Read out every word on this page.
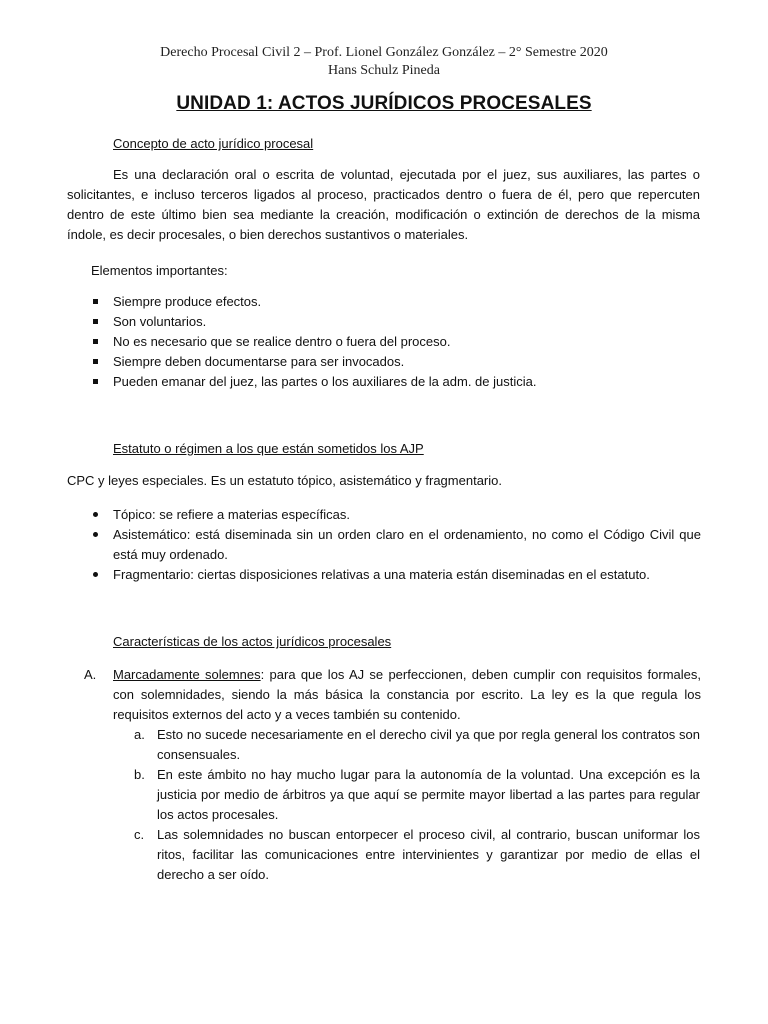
Derecho Procesal Civil 2 – Prof. Lionel González González – 2° Semestre 2020
Hans Schulz Pineda
UNIDAD 1: ACTOS JURÍDICOS PROCESALES
Concepto de acto jurídico procesal

Es una declaración oral o escrita de voluntad, ejecutada por el juez, sus auxiliares, las partes o solicitantes, e incluso terceros ligados al proceso, practicados dentro o fuera de él, pero que repercuten dentro de este último bien sea mediante la creación, modificación o extinción de derechos de la misma índole, es decir procesales, o bien derechos sustantivos o materiales.

Elementos importantes:
Siempre produce efectos.
Son voluntarios.
No es necesario que se realice dentro o fuera del proceso.
Siempre deben documentarse para ser invocados.
Pueden emanar del juez, las partes o los auxiliares de la adm. de justicia.
Estatuto o régimen a los que están sometidos los AJP
CPC y leyes especiales. Es un estatuto tópico, asistemático y fragmentario.
Tópico: se refiere a materias específicas.
Asistemático: está diseminada sin un orden claro en el ordenamiento, no como el Código Civil que está muy ordenado.
Fragmentario: ciertas disposiciones relativas a una materia están diseminadas en el estatuto.
Características de los actos jurídicos procesales
A. Marcadamente solemnes: para que los AJ se perfeccionen, deben cumplir con requisitos formales, con solemnidades, siendo la más básica la constancia por escrito. La ley es la que regula los requisitos externos del acto y a veces también su contenido.
a. Esto no sucede necesariamente en el derecho civil ya que por regla general los contratos son consensuales.
b. En este ámbito no hay mucho lugar para la autonomía de la voluntad. Una excepción es la justicia por medio de árbitros ya que aquí se permite mayor libertad a las partes para regular los actos procesales.
c. Las solemnidades no buscan entorpecer el proceso civil, al contrario, buscan uniformar los ritos, facilitar las comunicaciones entre intervinientes y garantizar por medio de ellas el derecho a ser oído.
